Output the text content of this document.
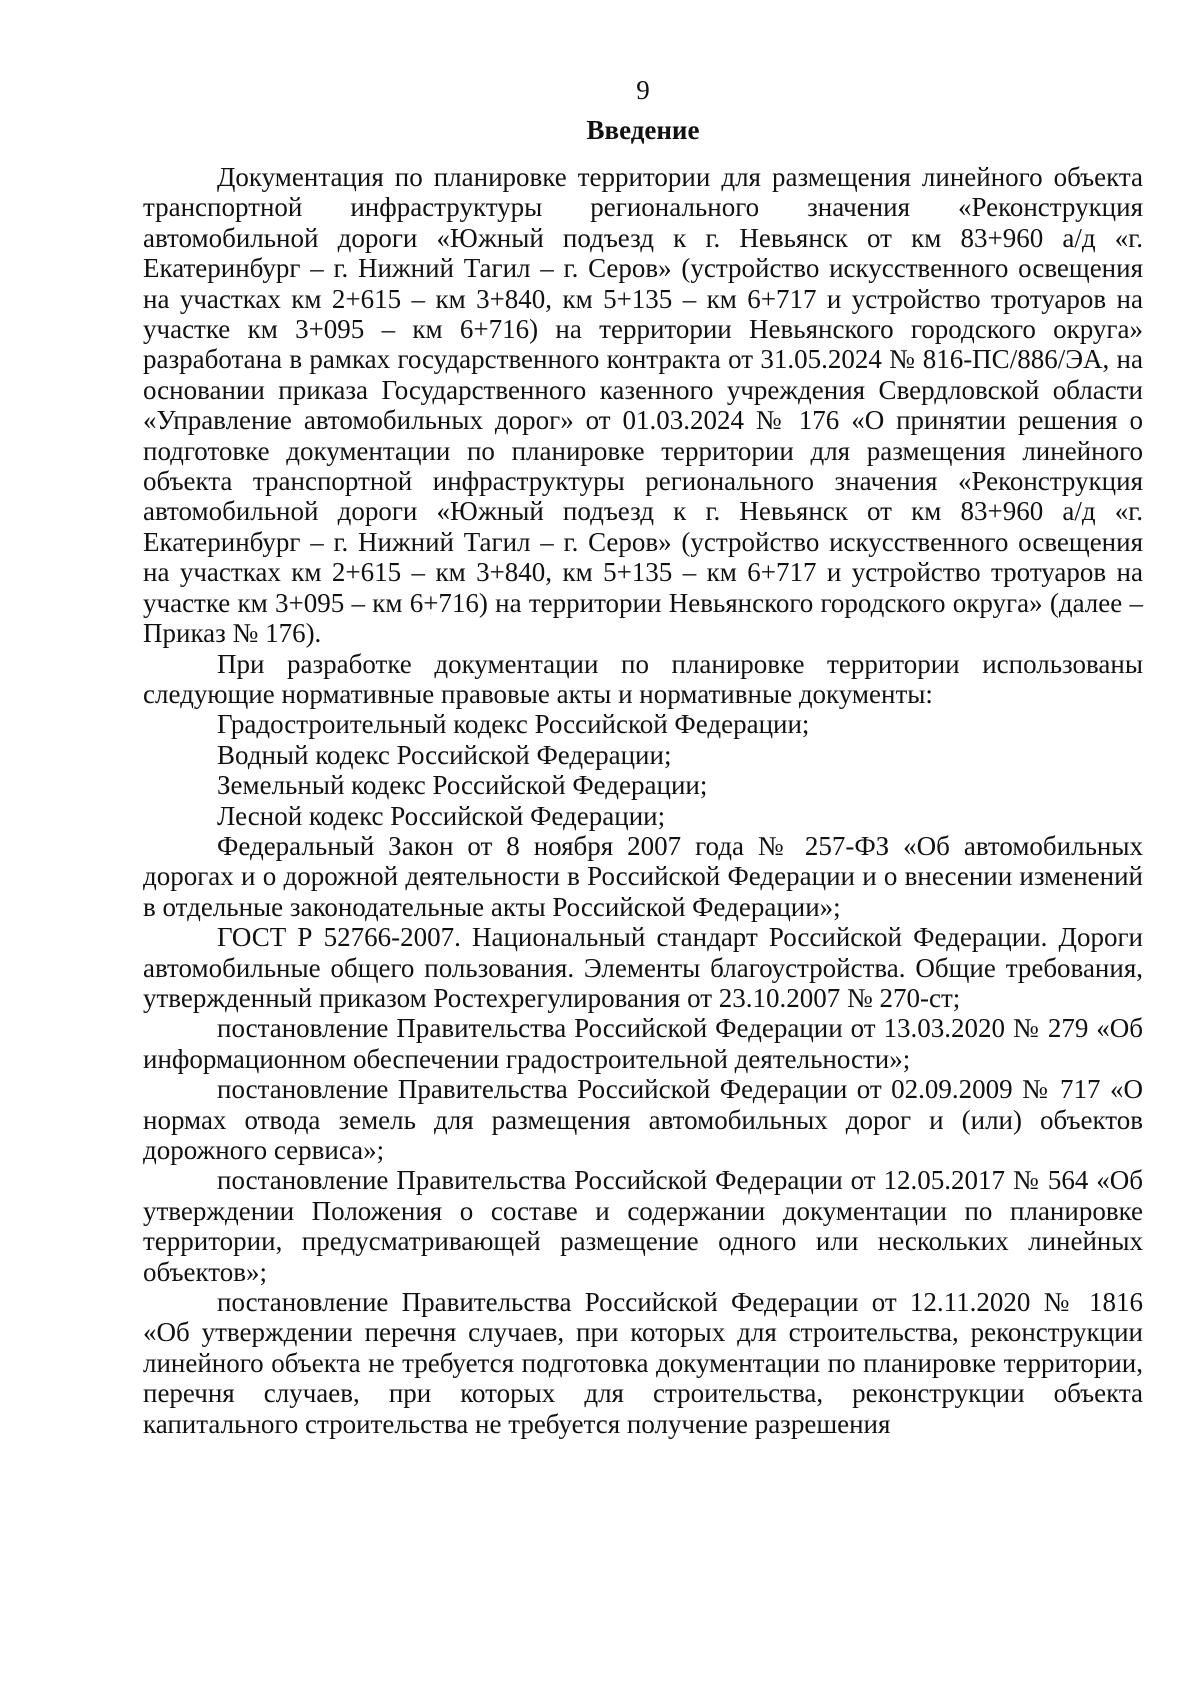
9
Введение

Документация по планировке территории для размещения линейного объекта транспортной инфраструктуры регионального значения «Реконструкция автомобильной дороги «Южный подъезд к г. Невьянск от км 83+960 а/д «г. Екатеринбург – г. Нижний Тагил – г. Серов» (устройство искусственного освещения на участках км 2+615 – км 3+840, км 5+135 – км 6+717 и устройство тротуаров на участке км 3+095 – км 6+716) на территории Невьянского городского округа» разработана в рамках государственного контракта от 31.05.2024 № 816-ПС/886/ЭА, на основании приказа Государственного казенного учреждения Свердловской области «Управление автомобильных дорог» от 01.03.2024 № 176 «О принятии решения о подготовке документации по планировке территории для размещения линейного объекта транспортной инфраструктуры регионального значения «Реконструкция автомобильной дороги «Южный подъезд к г. Невьянск от км 83+960 а/д «г. Екатеринбург – г. Нижний Тагил – г. Серов» (устройство искусственного освещения на участках км 2+615 – км 3+840, км 5+135 – км 6+717 и устройство тротуаров на участке км 3+095 – км 6+716) на территории Невьянского городского округа» (далее – Приказ № 176).

При разработке документации по планировке территории использованы следующие нормативные правовые акты и нормативные документы:

Градостроительный кодекс Российской Федерации;

Водный кодекс Российской Федерации;

Земельный кодекс Российской Федерации;

Лесной кодекс Российской Федерации;

Федеральный Закон от 8 ноября 2007 года № 257-ФЗ «Об автомобильных дорогах и о дорожной деятельности в Российской Федерации и о внесении изменений в отдельные законодательные акты Российской Федерации»;

ГОСТ Р 52766-2007. Национальный стандарт Российской Федерации. Дороги автомобильные общего пользования. Элементы благоустройства. Общие требования, утвержденный приказом Ростехрегулирования от 23.10.2007 № 270-ст;

постановление Правительства Российской Федерации от 13.03.2020 № 279 «Об информационном обеспечении градостроительной деятельности»;

постановление Правительства Российской Федерации от 02.09.2009 № 717 «О нормах отвода земель для размещения автомобильных дорог и (или) объектов дорожного сервиса»;

постановление Правительства Российской Федерации от 12.05.2017 № 564 «Об утверждении Положения о составе и содержании документации по планировке территории, предусматривающей размещение одного или нескольких линейных объектов»;

постановление Правительства Российской Федерации от 12.11.2020 № 1816 «Об утверждении перечня случаев, при которых для строительства, реконструкции линейного объекта не требуется подготовка документации по планировке территории, перечня случаев, при которых для строительства, реконструкции объекта капитального строительства не требуется получение разрешения
